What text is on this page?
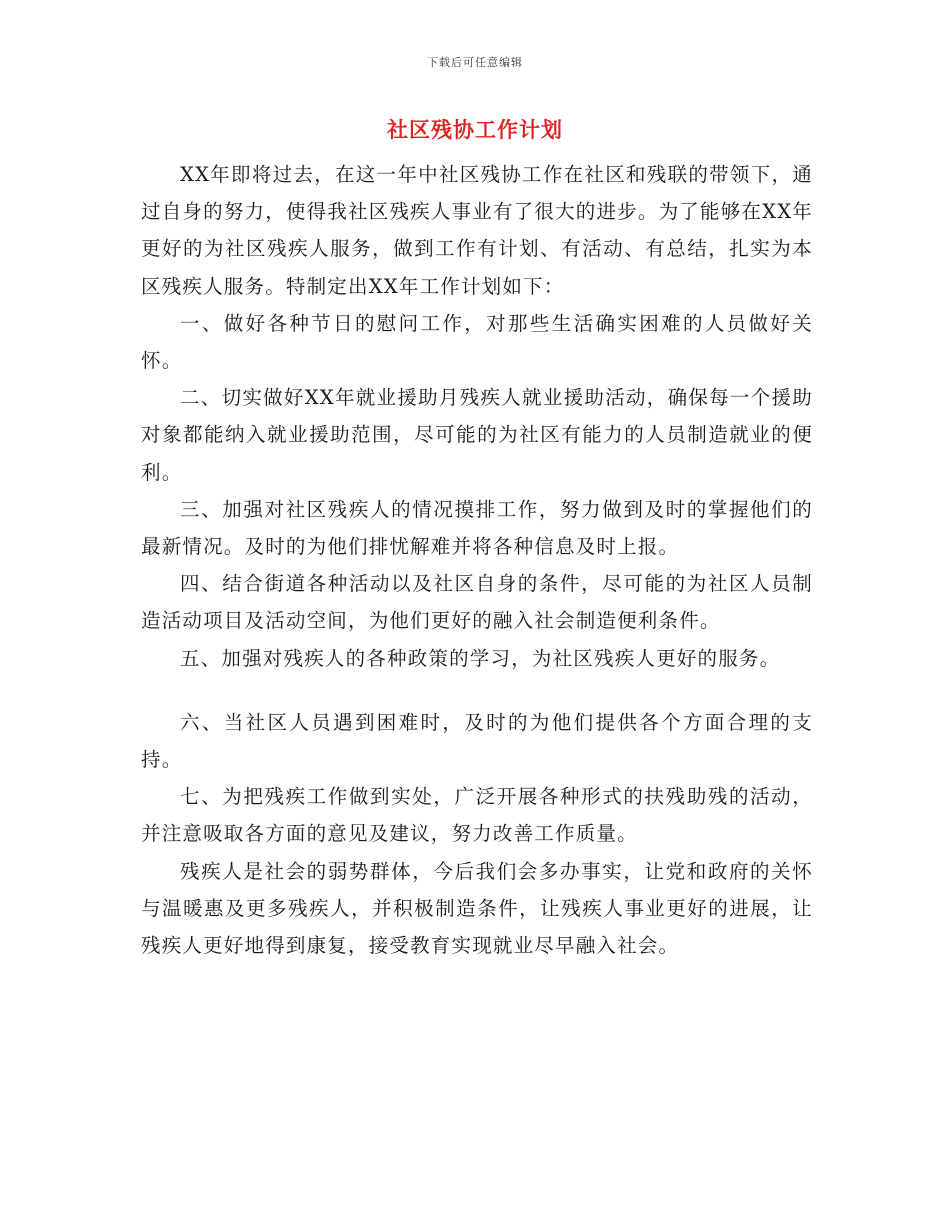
下载后可任意编辑
社区残协工作计划

XX年即将过去，在这一年中社区残协工作在社区和残联的带领下，通过自身的努力，使得我社区残疾人事业有了很大的进步。为了能够在XX年更好的为社区残疾人服务，做到工作有计划、有活动、有总结，扎实为本区残疾人服务。特制定出XX年工作计划如下：

一、做好各种节日的慰问工作，对那些生活确实困难的人员做好关怀。

二、切实做好XX年就业援助月残疾人就业援助活动，确保每一个援助对象都能纳入就业援助范围，尽可能的为社区有能力的人员制造就业的便利。

三、加强对社区残疾人的情况摸排工作，努力做到及时的掌握他们的最新情况。及时的为他们排忧解难并将各种信息及时上报。

四、结合街道各种活动以及社区自身的条件，尽可能的为社区人员制造活动项目及活动空间，为他们更好的融入社会制造便利条件。

五、加强对残疾人的各种政策的学习，为社区残疾人更好的服务。

六、当社区人员遇到困难时，及时的为他们提供各个方面合理的支持。

七、为把残疾工作做到实处，广泛开展各种形式的扶残助残的活动，并注意吸取各方面的意见及建议，努力改善工作质量。

残疾人是社会的弱势群体，今后我们会多办事实，让党和政府的关怀与温暖惠及更多残疾人，并积极制造条件，让残疾人事业更好的进展，让残疾人更好地得到康复，接受教育实现就业尽早融入社会。
